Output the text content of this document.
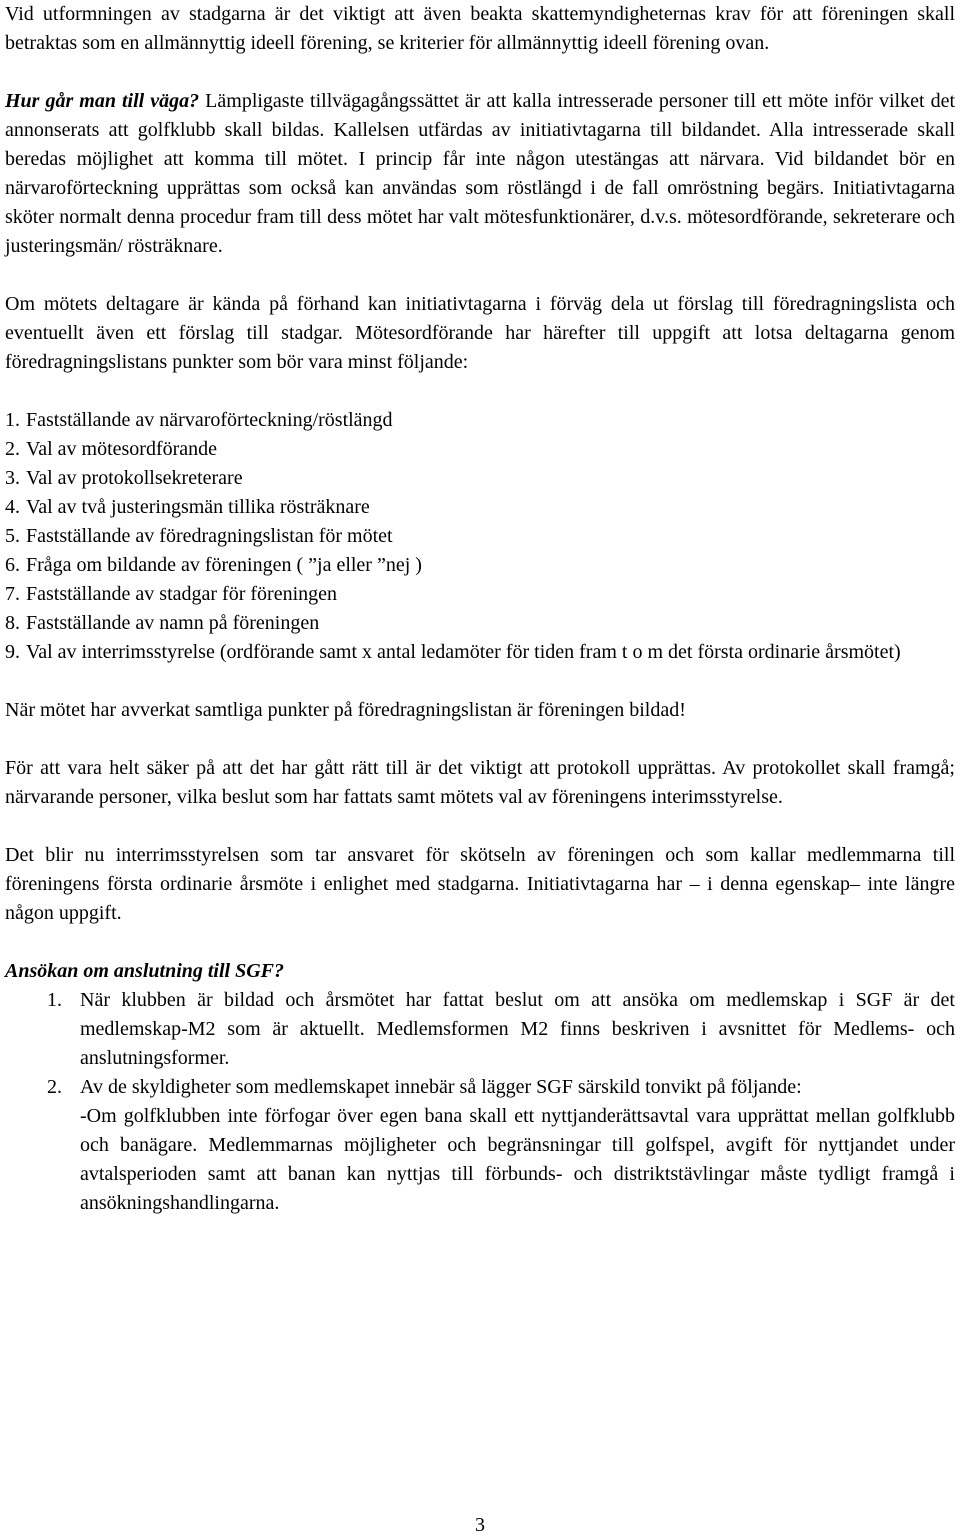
Vid utformningen av stadgarna är det viktigt att även beakta skattemyndigheternas krav för att föreningen skall betraktas som en allmännyttig ideell förening, se kriterier för allmännyttig ideell förening ovan.

Hur går man till väga? Lämpligaste tillvägagångssättet är att kalla intresserade personer till ett möte inför vilket det annonserats att golfklubb skall bildas. Kallelsen utfärdas av initiativtagarna till bildandet. Alla intresserade skall beredas möjlighet att komma till mötet. I princip får inte någon utestängas att närvara. Vid bildandet bör en närvaroförteckning upprättas som också kan användas som röstlängd i de fall omröstning begärs. Initiativtagarna sköter normalt denna procedur fram till dess mötet har valt mötesfunktionärer, d.v.s. mötesordförande, sekreterare och justeringsmän/ rösträknare.

Om mötets deltagare är kända på förhand kan initiativtagarna i förväg dela ut förslag till föredragningslista och eventuellt även ett förslag till stadgar. Mötesordförande har härefter till uppgift att lotsa deltagarna genom föredragningslistans punkter som bör vara minst följande:

1. Fastställande av närvaroförteckning/röstlängd
2. Val av mötesordförande
3. Val av protokollsekreterare
4. Val av två justeringsmän tillika rösträknare
5. Fastställande av föredragningslistan för mötet
6. Fråga om bildande av föreningen ( ”ja eller ”nej )
7. Fastställande av stadgar för föreningen
8. Fastställande av namn på föreningen
9. Val av interrimsstyrelse (ordförande samt x antal ledamöter för tiden fram t o m det första ordinarie årsmötet)

När mötet har avverkat samtliga punkter på föredragningslistan är föreningen bildad!

För att vara helt säker på att det har gått rätt till är det viktigt att protokoll upprättas. Av protokollet skall framgå; närvarande personer, vilka beslut som har fattats samt mötets val av föreningens interimsstyrelse.

Det blir nu interrimsstyrelsen som tar ansvaret för skötseln av föreningen och som kallar medlemmarna till föreningens första ordinarie årsmöte i enlighet med stadgarna. Initiativtagarna har – i denna egenskap– inte längre någon uppgift.

Ansökan om anslutning till SGF?

1. När klubben är bildad och årsmötet har fattat beslut om att ansöka om medlemskap i SGF är det medlemskap-M2 som är aktuellt. Medlemsformen M2 finns beskriven i avsnittet för Medlems- och anslutningsformer.
2. Av de skyldigheter som medlemskapet innebär så lägger SGF särskild tonvikt på följande:

-Om golfklubben inte förfogar över egen bana skall ett nyttjanderättsavtal vara upprättat mellan golfklubb och banägare. Medlemmarnas möjligheter och begränsningar till golfspel, avgift för nyttjandet under avtalsperioden samt att banan kan nyttjas till förbunds- och distriktstävlingar måste tydligt framgå i ansökningshandlingarna.

3
